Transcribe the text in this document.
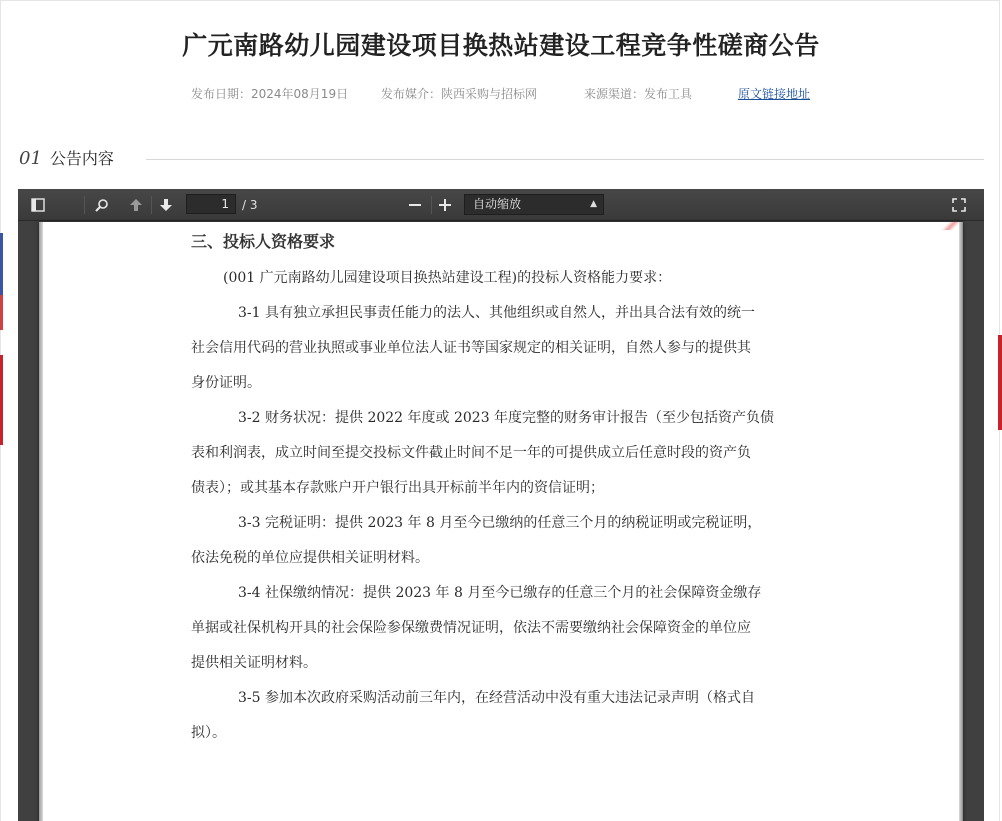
广元南路幼儿园建设项目换热站建设工程竞争性磋商公告
发布日期：2024年08月19日	发布媒介：陕西采购与招标网	来源渠道：发布工具	原文链接地址
01 公告内容
1	/ 3	自动缩放	▲

三、投标人资格要求
(001 广元南路幼儿园建设项目换热站建设工程)的投标人资格能力要求：
3-1 具有独立承担民事责任能力的法人、其他组织或自然人，并出具合法有效的统一
社会信用代码的营业执照或事业单位法人证书等国家规定的相关证明，自然人参与的提供其
身份证明。
3-2 财务状况：提供 2022 年度或 2023 年度完整的财务审计报告（至少包括资产负债
表和利润表，成立时间至提交投标文件截止时间不足一年的可提供成立后任意时段的资产负
债表）；或其基本存款账户开户银行出具开标前半年内的资信证明；
3-3 完税证明：提供 2023 年 8 月至今已缴纳的任意三个月的纳税证明或完税证明，
依法免税的单位应提供相关证明材料。
3-4 社保缴纳情况：提供 2023 年 8 月至今已缴存的任意三个月的社会保障资金缴存
单据或社保机构开具的社会保险参保缴费情况证明，依法不需要缴纳社会保障资金的单位应
提供相关证明材料。
3-5 参加本次政府采购活动前三年内，在经营活动中没有重大违法记录声明（格式自
拟）。
